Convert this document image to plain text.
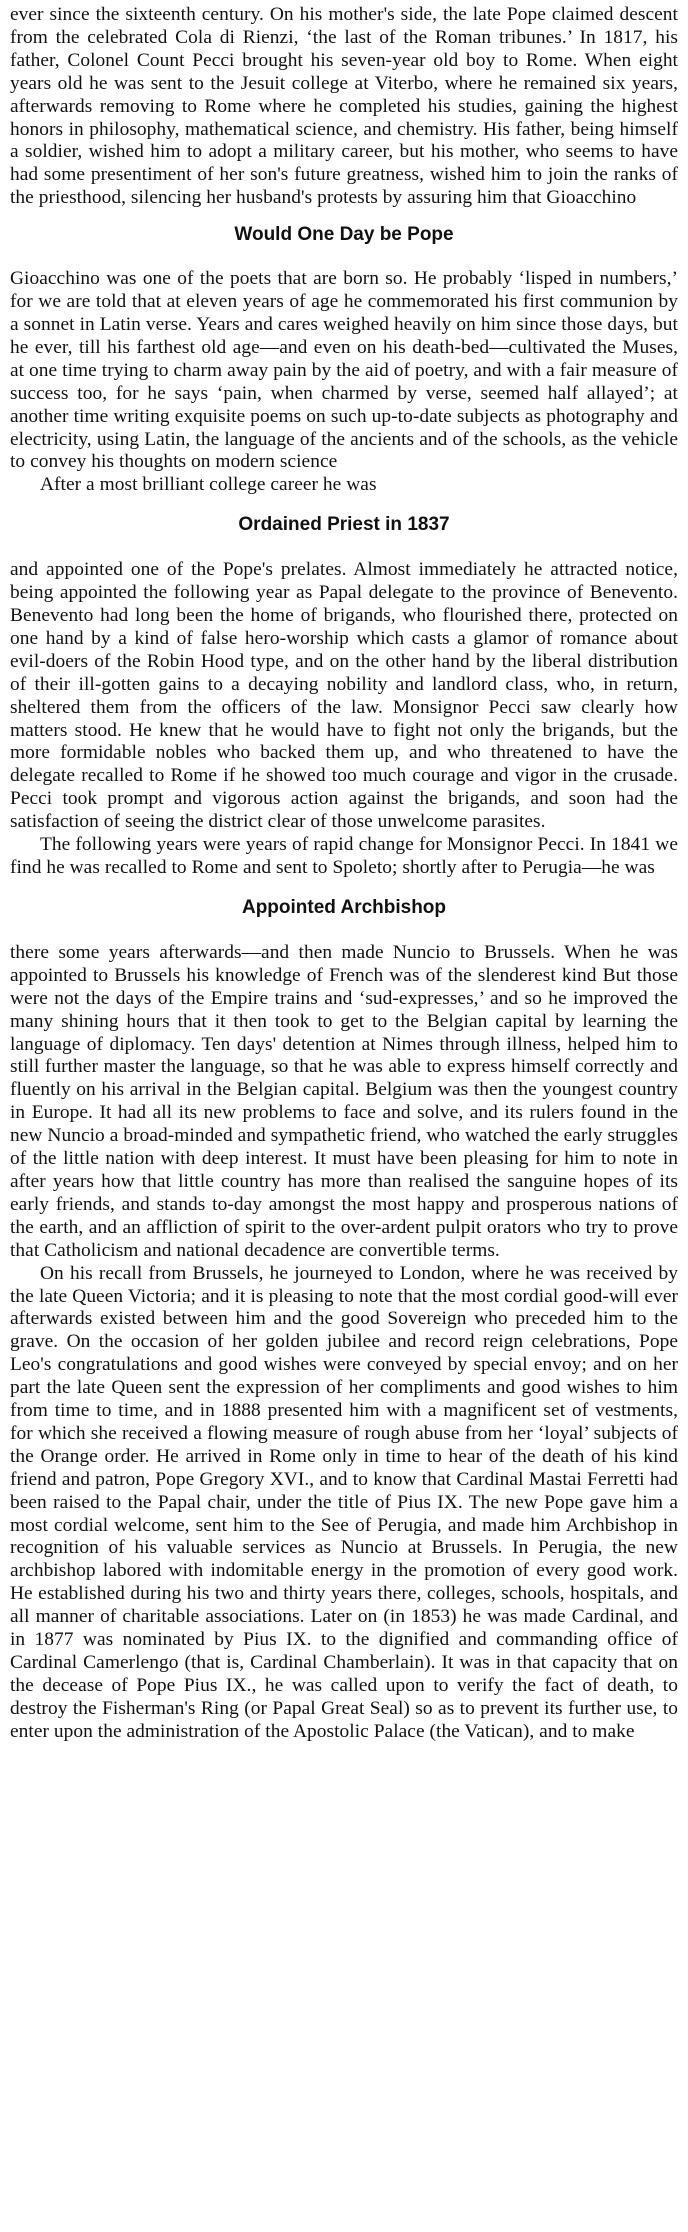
ever since the sixteenth century. On his mother's side, the late Pope claimed descent from the celebrated Cola di Rienzi, ‘the last of the Roman tribunes.’ In 1817, his father, Colonel Count Pecci brought his seven-year old boy to Rome. When eight years old he was sent to the Jesuit college at Viterbo, where he remained six years, afterwards removing to Rome where he completed his studies, gaining the highest honors in philosophy, mathematical science, and chemistry. His father, being himself a soldier, wished him to adopt a military career, but his mother, who seems to have had some presentiment of her son's future greatness, wished him to join the ranks of the priesthood, silencing her husband's protests by assuring him that Gioacchino

Would One Day be Pope

Gioacchino was one of the poets that are born so. He probably ‘lisped in numbers,’ for we are told that at eleven years of age he commemorated his first communion by a sonnet in Latin verse. Years and cares weighed heavily on him since those days, but he ever, till his farthest old age—and even on his death-bed—cultivated the Muses, at one time trying to charm away pain by the aid of poetry, and with a fair measure of success too, for he says ‘pain, when charmed by verse, seemed half allayed’; at another time writing exquisite poems on such up-to-date subjects as photography and electricity, using Latin, the language of the ancients and of the schools, as the vehicle to convey his thoughts on modern science

After a most brilliant college career he was

Ordained Priest in 1837

and appointed one of the Pope's prelates. Almost immediately he attracted notice, being appointed the following year as Papal delegate to the province of Benevento. Benevento had long been the home of brigands, who flourished there, protected on one hand by a kind of false hero-worship which casts a glamor of romance about evil-doers of the Robin Hood type, and on the other hand by the liberal distribution of their ill-gotten gains to a decaying nobility and landlord class, who, in return, sheltered them from the officers of the law. Monsignor Pecci saw clearly how matters stood. He knew that he would have to fight not only the brigands, but the more formidable nobles who backed them up, and who threatened to have the delegate recalled to Rome if he showed too much courage and vigor in the crusade. Pecci took prompt and vigorous action against the brigands, and soon had the satisfaction of seeing the district clear of those unwelcome parasites.

The following years were years of rapid change for Monsignor Pecci. In 1841 we find he was recalled to Rome and sent to Spoleto; shortly after to Perugia—he was

Appointed Archbishop

there some years afterwards—and then made Nuncio to Brussels. When he was appointed to Brussels his knowledge of French was of the slenderest kind But those were not the days of the Empire trains and ‘sud-expresses,’ and so he improved the many shining hours that it then took to get to the Belgian capital by learning the language of diplomacy. Ten days' detention at Nimes through illness, helped him to still further master the language, so that he was able to express himself correctly and fluently on his arrival in the Belgian capital. Belgium was then the youngest country in Europe. It had all its new problems to face and solve, and its rulers found in the new Nuncio a broad-minded and sympathetic friend, who watched the early struggles of the little nation with deep interest. It must have been pleasing for him to note in after years how that little country has more than realised the sanguine hopes of its early friends, and stands to-day amongst the most happy and prosperous nations of the earth, and an affliction of spirit to the over-ardent pulpit orators who try to prove that Catholicism and national decadence are convertible terms.

On his recall from Brussels, he journeyed to London, where he was received by the late Queen Victoria; and it is pleasing to note that the most cordial good-will ever afterwards existed between him and the good Sovereign who preceded him to the grave. On the occasion of her golden jubilee and record reign celebrations, Pope Leo's congratulations and good wishes were conveyed by special envoy; and on her part the late Queen sent the expression of her compliments and good wishes to him from time to time, and in 1888 presented him with a magnificent set of vestments, for which she received a flowing measure of rough abuse from her ‘loyal’ subjects of the Orange order. He arrived in Rome only in time to hear of the death of his kind friend and patron, Pope Gregory XVI., and to know that Cardinal Mastai Ferretti had been raised to the Papal chair, under the title of Pius IX. The new Pope gave him a most cordial welcome, sent him to the See of Perugia, and made him Archbishop in recognition of his valuable services as Nuncio at Brussels. In Perugia, the new archbishop labored with indomitable energy in the promotion of every good work. He established during his two and thirty years there, colleges, schools, hospitals, and all manner of charitable associations. Later on (in 1853) he was made Cardinal, and in 1877 was nominated by Pius IX. to the dignified and commanding office of Cardinal Camerlengo (that is, Cardinal Chamberlain). It was in that capacity that on the decease of Pope Pius IX., he was called upon to verify the fact of death, to destroy the Fisherman's Ring (or Papal Great Seal) so as to prevent its further use, to enter upon the administration of the Apostolic Palace (the Vatican), and to make
